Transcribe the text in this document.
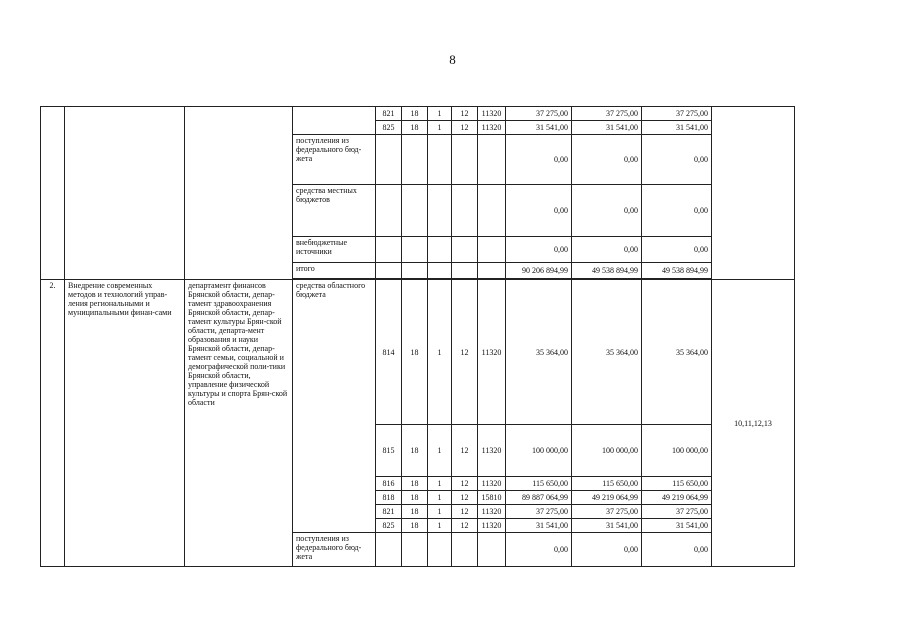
8
				821	18	1	12	11320	37 275,00	37 275,00	37 275,00	
				825	18	1	12	11320	31 541,00	31 541,00	31 541,00	
			поступления из федерального бюд-жета						0,00	0,00	0,00	
			средства местных бюджетов						0,00	0,00	0,00	
			внебюджетные источники						0,00	0,00	0,00	
			итого						90 206 894,99	49 538 894,99	49 538 894,99	

2.	Внедрение современных методов и технологий управ-ления региональными и муниципальными финан-сами	департамент финансов Брянской области, депар-тамент здравоохранения Брянской области, депар-тамент культуры Брян-ской области, департа-мент образования и науки Брянской области, депар-тамент семьи, социальной и демографической поли-тики Брянской области, управление физической культуры и спорта Брян-ской области	средства областного бюджета	814	18	1	12	11320	35 364,00	35 364,00	35 364,00	10,11,12,13
				815	18	1	12	11320	100 000,00	100 000,00	100 000,00	
				816	18	1	12	11320	115 650,00	115 650,00	115 650,00	
				818	18	1	12	15810	89 887 064,99	49 219 064,99	49 219 064,99	
				821	18	1	12	11320	37 275,00	37 275,00	37 275,00	
				825	18	1	12	11320	31 541,00	31 541,00	31 541,00	
			поступления из федерального бюд-жета						0,00	0,00	0,00	
